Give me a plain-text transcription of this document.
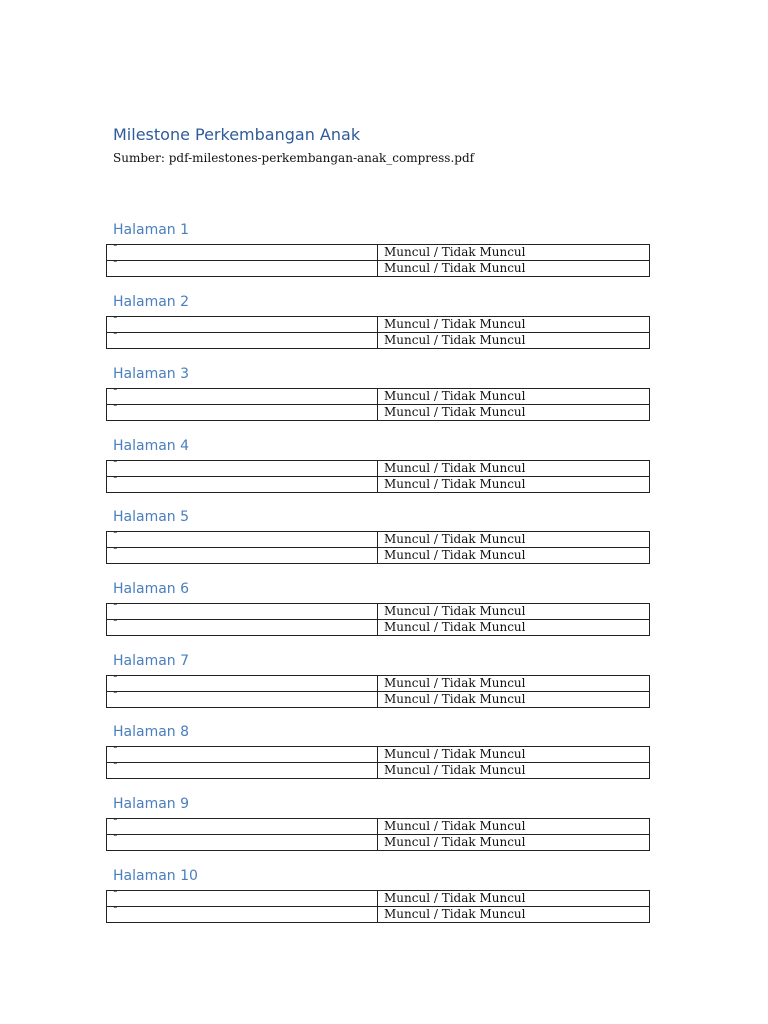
Milestone Perkembangan Anak

Sumber: pdf-milestones-perkembangan-anak_compress.pdf

Halaman 1
˜	Muncul / Tidak Muncul
˜	Muncul / Tidak Muncul
Halaman 2
˜	Muncul / Tidak Muncul
˜	Muncul / Tidak Muncul
Halaman 3
˜	Muncul / Tidak Muncul
˜	Muncul / Tidak Muncul
Halaman 4
˜	Muncul / Tidak Muncul
˜	Muncul / Tidak Muncul
Halaman 5
˜	Muncul / Tidak Muncul
˜	Muncul / Tidak Muncul
Halaman 6
˜	Muncul / Tidak Muncul
˜	Muncul / Tidak Muncul
Halaman 7
˜	Muncul / Tidak Muncul
˜	Muncul / Tidak Muncul
Halaman 8
˜	Muncul / Tidak Muncul
˜	Muncul / Tidak Muncul
Halaman 9
˜	Muncul / Tidak Muncul
˜	Muncul / Tidak Muncul
Halaman 10
˜	Muncul / Tidak Muncul
˜	Muncul / Tidak Muncul
